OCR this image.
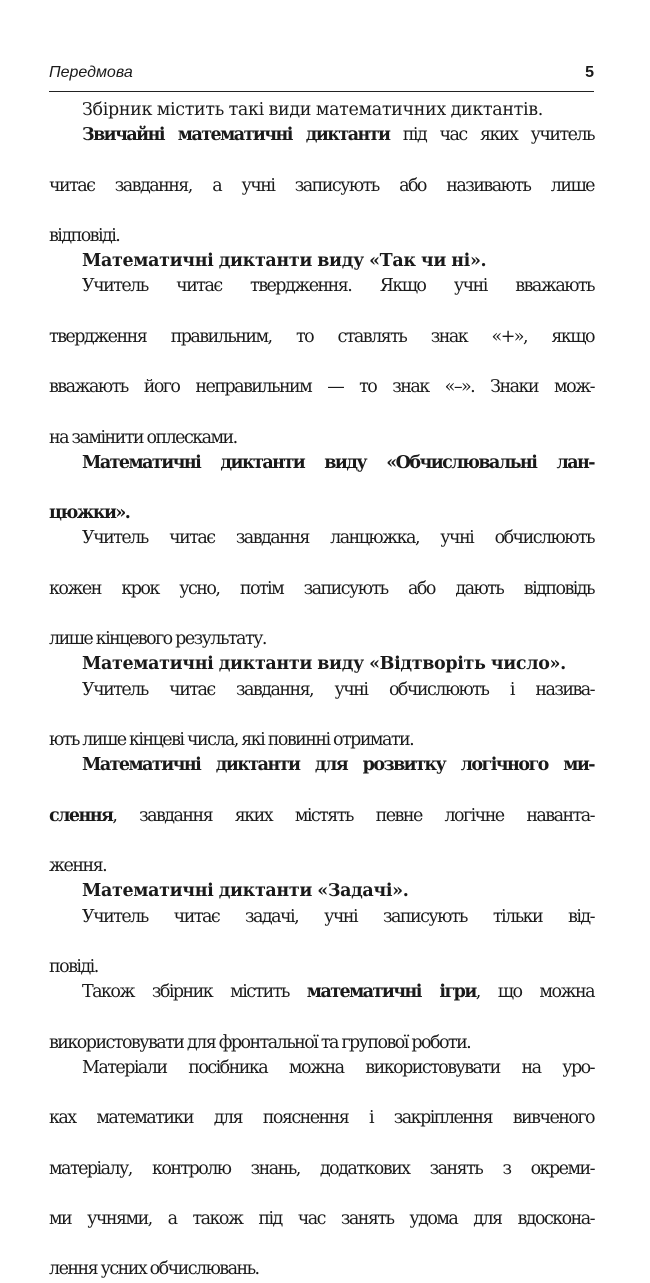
Передмова	5

Збірник містить такі види математичних диктантів.

Звичайні математичні диктанти під час яких учитель
читає завдання, а учні записують або називають лише
відповіді.

Математичні диктанти виду «Так чи ні».

Учитель читає твердження. Якщо учні вважають
твердження правильним, то ставлять знак «+», якщо
вважають його неправильним — то знак «–». Знаки мож-
на замінити оплесками.

Математичні диктанти виду «Обчислювальні лан-
цюжки».

Учитель читає завдання ланцюжка, учні обчислюють
кожен крок усно, потім записують або дають відповідь
лише кінцевого результату.

Математичні диктанти виду «Відтворіть число».

Учитель читає завдання, учні обчислюють і назива-
ють лише кінцеві числа, які повинні отримати.

Математичні диктанти для розвитку логічного ми-
слення, завдання яких містять певне логічне наванта-
ження.

Математичні диктанти «Задачі».

Учитель читає задачі, учні записують тільки від-
повіді.

Також збірник містить математичні ігри, що можна
використовувати для фронтальної та групової роботи.

Матеріали посібника можна використовувати на уро-
ках математики для пояснення і закріплення вивченого
матеріалу, контролю знань, додаткових занять з окреми-
ми учнями, а також під час занять удома для вдоскона-
лення усних обчислювань.
